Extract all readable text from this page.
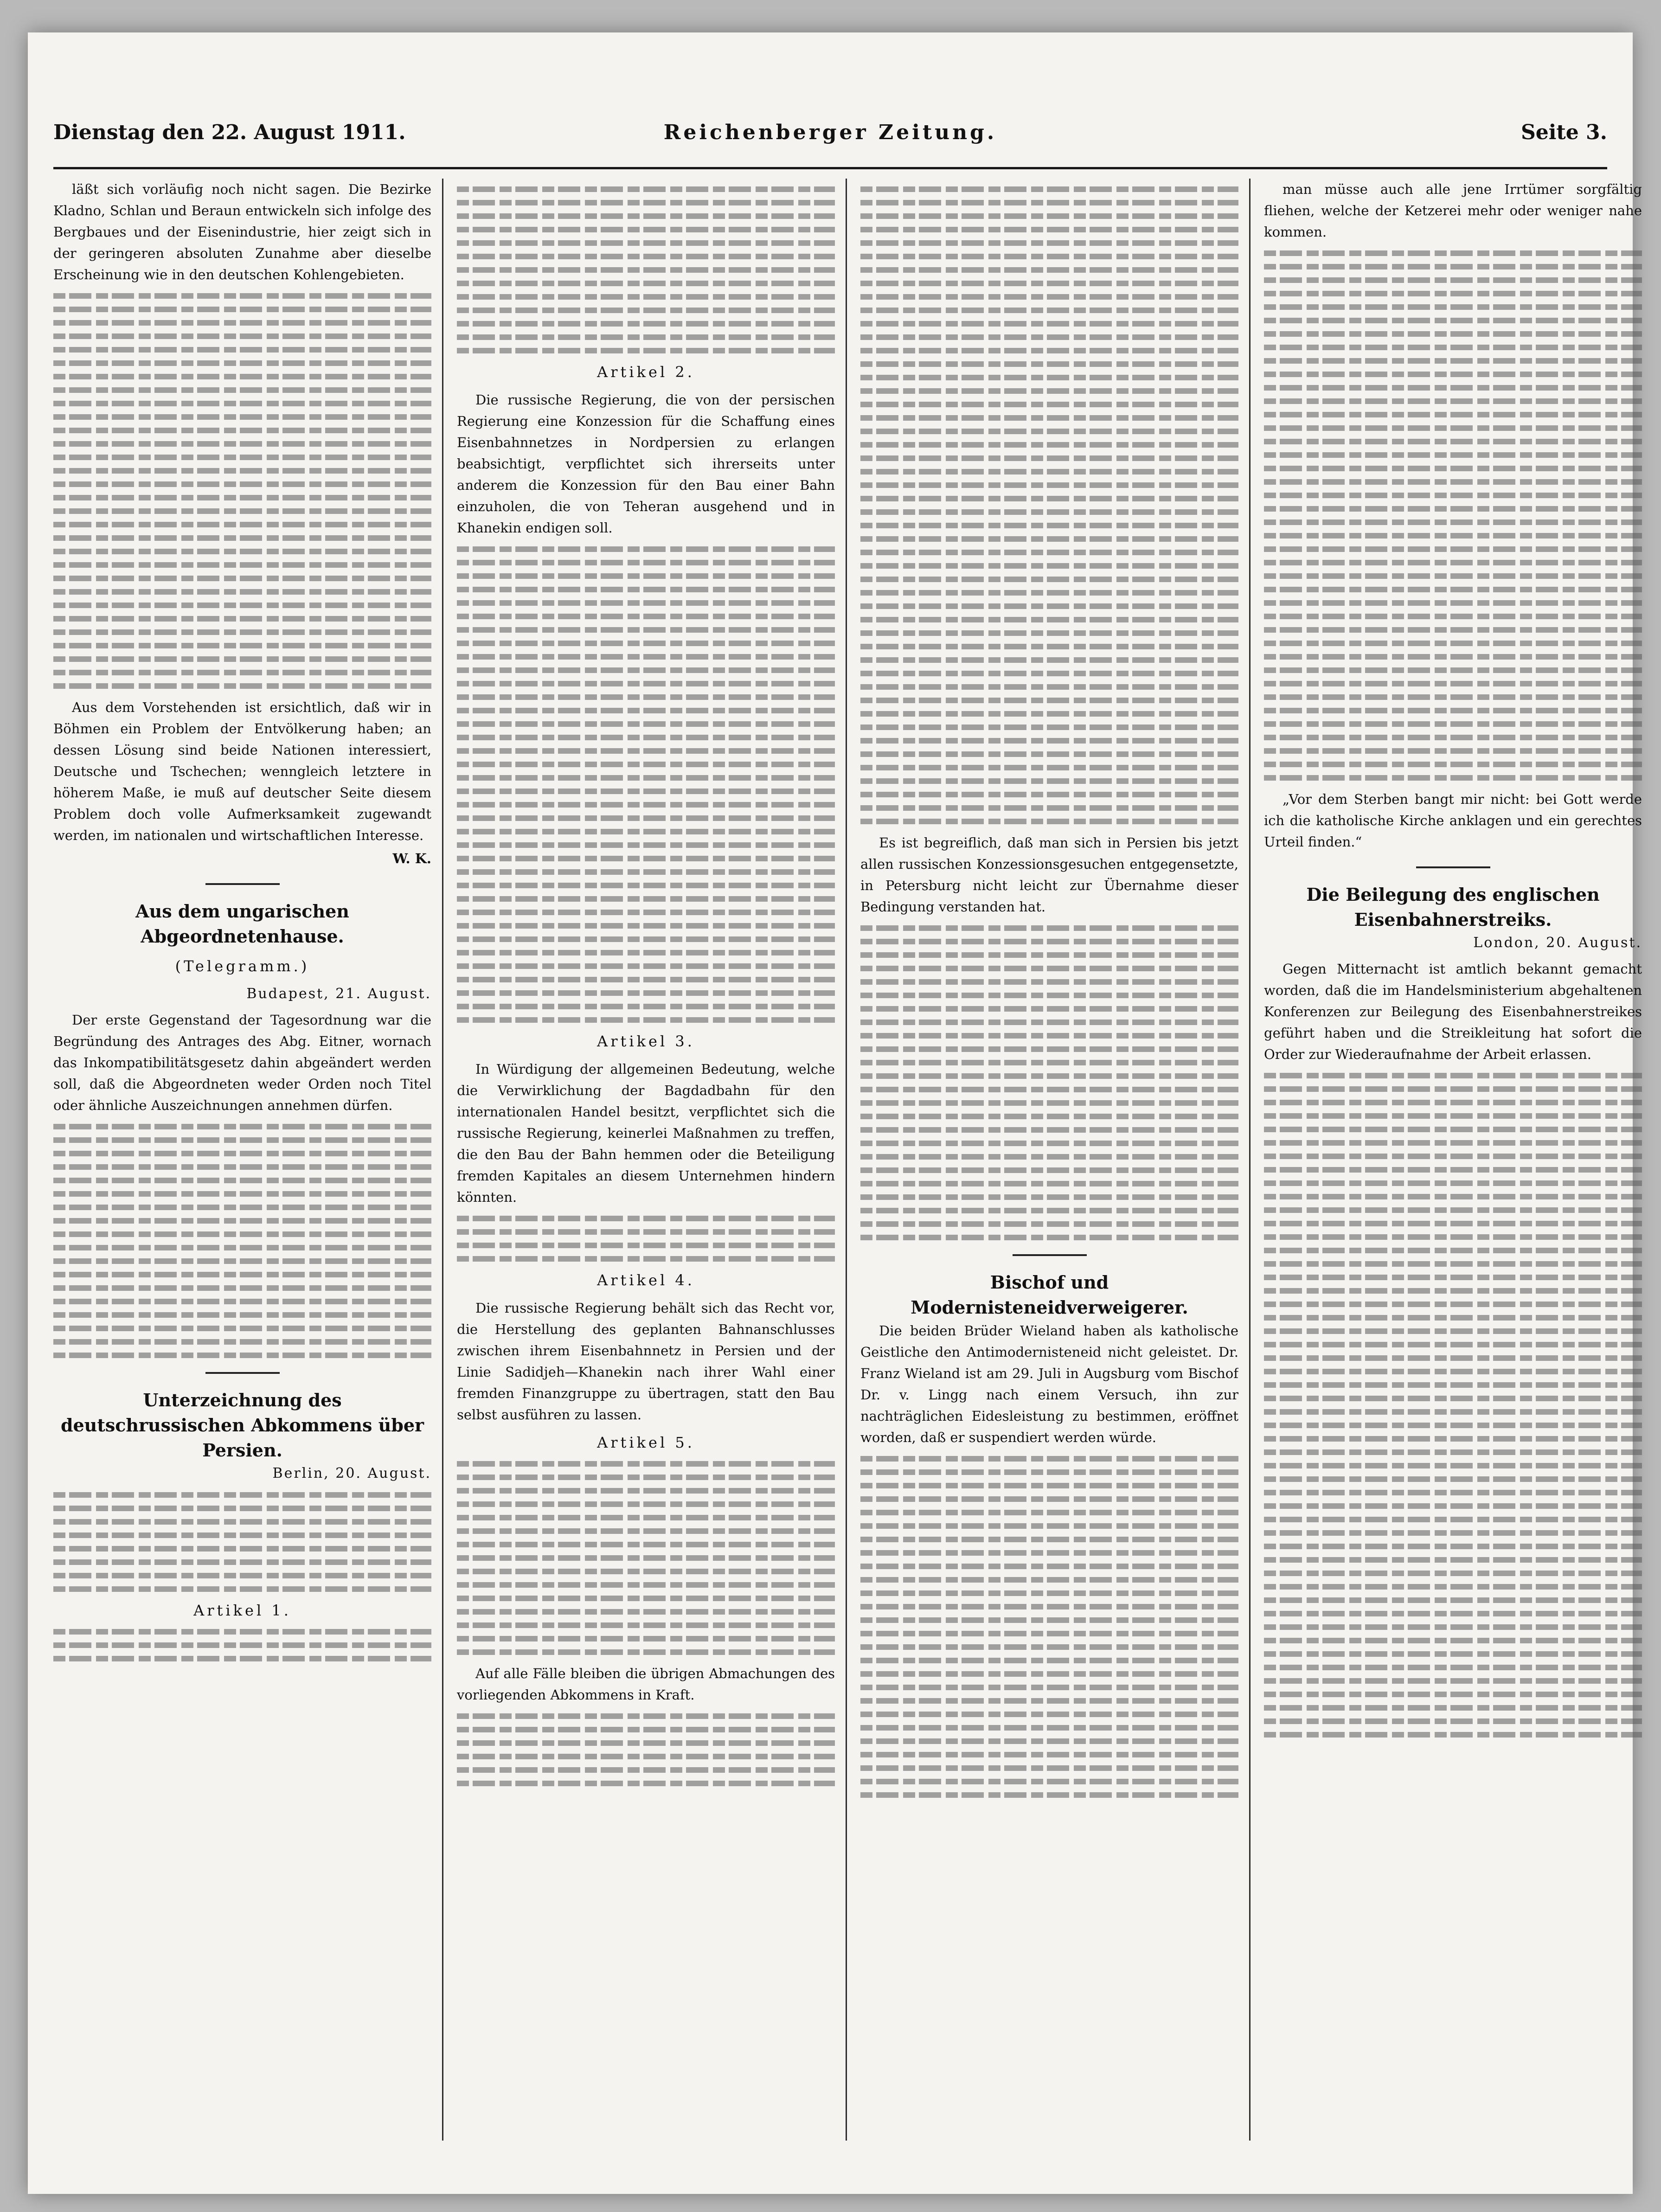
Dienstag den 22. August 1911.	Reichenberger Zeitung.	Seite 3.

läßt sich vorläufig noch nicht sagen. Die Bezirke Kladno, Schlan und Beraun entwickeln sich infolge des Bergbaues und der Eisenindustrie, hier zeigt sich in der geringeren absoluten Zunahme aber dieselbe Erscheinung wie in den deutschen Kohlengebieten.

Aus dem Vorstehenden ist ersichtlich, daß wir in Böhmen ein Problem der Entvölkerung haben; an dessen Lösung sind beide Nationen interessiert, Deutsche und Tschechen; wenngleich letztere in höherem Maße, ie muß auf deutscher Seite diesem Problem doch volle Aufmerksamkeit zugewandt werden, im nationalen und wirtschaftlichen Interesse.

W. K.
Aus dem ungarischen Abgeordnetenhause.
(Telegramm.)
Budapest, 21. August.

Der erste Gegenstand der Tagesordnung war die Begründung des Antrages des Abg. Eitner, wornach das Inkompatibilitätsgesetz dahin abgeändert werden soll, daß die Abgeordneten weder Orden noch Titel oder ähnliche Auszeichnungen annehmen dürfen.

Unterzeichnung des deutschrussischen Abkommens über Persien.
Berlin, 20. August.
Artikel 1.
Artikel 2.

Die russische Regierung, die von der persischen Regierung eine Konzession für die Schaffung eines Eisenbahnnetzes in Nordpersien zu erlangen beabsichtigt, verpflichtet sich ihrerseits unter anderem die Konzession für den Bau einer Bahn einzuholen, die von Teheran ausgehend und in Khanekin endigen soll.

Artikel 3.

In Würdigung der allgemeinen Bedeutung, welche die Verwirklichung der Bagdadbahn für den internationalen Handel besitzt, verpflichtet sich die russische Regierung, keinerlei Maßnahmen zu treffen, die den Bau der Bahn hemmen oder die Beteiligung fremden Kapitales an diesem Unternehmen hindern könnten.

Artikel 4.

Die russische Regierung behält sich das Recht vor, die Herstellung des geplanten Bahnanschlusses zwischen ihrem Eisenbahnnetz in Persien und der Linie Sadidjeh—Khanekin nach ihrer Wahl einer fremden Finanzgruppe zu übertragen, statt den Bau selbst ausführen zu lassen.

Artikel 5.

Auf alle Fälle bleiben die übrigen Abmachungen des vorliegenden Abkommens in Kraft.

Es ist begreiflich, daß man sich in Persien bis jetzt allen russischen Konzessionsgesuchen entgegensetzte, in Petersburg nicht leicht zur Übernahme dieser Bedingung verstanden hat.

Bischof und Modernisteneidverweigerer.

Die beiden Brüder Wieland haben als katholische Geistliche den Antimodernisteneid nicht geleistet. Dr. Franz Wieland ist am 29. Juli in Augsburg vom Bischof Dr. v. Lingg nach einem Versuch, ihn zur nachträglichen Eidesleistung zu bestimmen, eröffnet worden, daß er suspendiert werden würde.

man müsse auch alle jene Irrtümer sorgfältig fliehen, welche der Ketzerei mehr oder weniger nahe kommen.

„Vor dem Sterben bangt mir nicht: bei Gott werde ich die katholische Kirche anklagen und ein gerechtes Urteil finden.“

Die Beilegung des englischen Eisenbahnerstreiks.
London, 20. August.

Gegen Mitternacht ist amtlich bekannt gemacht worden, daß die im Handelsministerium abgehaltenen Konferenzen zur Beilegung des Eisenbahnerstreikes geführt haben und die Streikleitung hat sofort die Order zur Wiederaufnahme der Arbeit erlassen.
